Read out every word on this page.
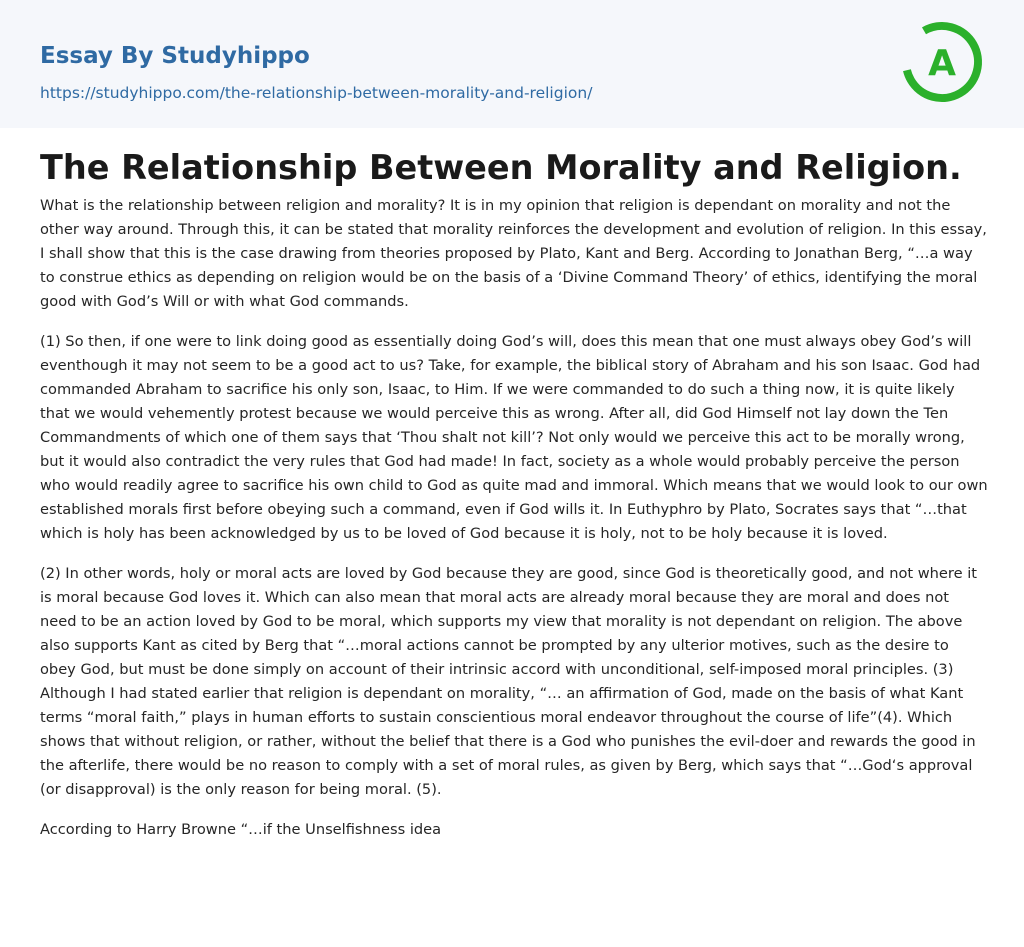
Essay By Studyhippo
https://studyhippo.com/the-relationship-between-morality-and-religion/
A
The Relationship Between Morality and Religion.

What is the relationship between religion and morality? It is in my opinion that religion is dependant on morality and not the other way around. Through this, it can be stated that morality reinforces the development and evolution of religion. In this essay, I shall show that this is the case drawing from theories proposed by Plato, Kant and Berg. According to Jonathan Berg, “…a way to construe ethics as depending on religion would be on the basis of a ‘Divine Command Theory’ of ethics, identifying the moral good with God’s Will or with what God commands.

(1) So then, if one were to link doing good as essentially doing God’s will, does this mean that one must always obey God’s will eventhough it may not seem to be a good act to us? Take, for example, the biblical story of Abraham and his son Isaac. God had commanded Abraham to sacrifice his only son, Isaac, to Him. If we were commanded to do such a thing now, it is quite likely that we would vehemently protest because we would perceive this as wrong. After all, did God Himself not lay down the Ten Commandments of which one of them says that ‘Thou shalt not kill’? Not only would we perceive this act to be morally wrong, but it would also contradict the very rules that God had made! In fact, society as a whole would probably perceive the person who would readily agree to sacrifice his own child to God as quite mad and immoral. Which means that we would look to our own established morals first before obeying such a command, even if God wills it. In Euthyphro by Plato, Socrates says that “…that which is holy has been acknowledged by us to be loved of God because it is holy, not to be holy because it is loved.

(2) In other words, holy or moral acts are loved by God because they are good, since God is theoretically good, and not where it is moral because God loves it. Which can also mean that moral acts are already moral because they are moral and does not need to be an action loved by God to be moral, which supports my view that morality is not dependant on religion. The above also supports Kant as cited by Berg that “…moral actions cannot be prompted by any ulterior motives, such as the desire to obey God, but must be done simply on account of their intrinsic accord with unconditional, self-imposed moral principles. (3) Although I had stated earlier that religion is dependant on morality, “… an affirmation of God, made on the basis of what Kant terms “moral faith,” plays in human efforts to sustain conscientious moral endeavor throughout the course of life”(4). Which shows that without religion, or rather, without the belief that there is a God who punishes the evil-doer and rewards the good in the afterlife, there would be no reason to comply with a set of moral rules, as given by Berg, which says that “…God‘s approval (or disapproval) is the only reason for being moral. (5).

According to Harry Browne “…if the Unselfishness idea
